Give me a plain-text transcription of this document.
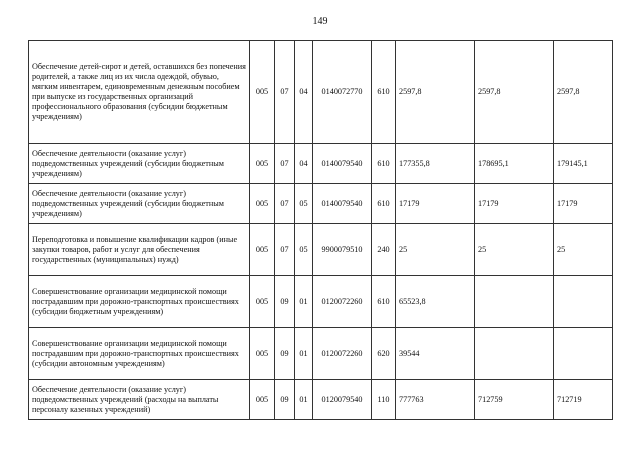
149
Обеспечение детей-сирот и детей, оставшихся без попечения родителей, а также лиц из их числа одеждой, обувью, мягким инвентарем, единовременным денежным пособием при выпуске из государственных организаций профессионального образования (субсидии бюджетным учреждениям)	005	07	04	0140072770	610	2597,8	2597,8	2597,8
Обеспечение деятельности (оказание услуг) подведомственных учреждений (субсидии бюджетным учреждениям)	005	07	04	0140079540	610	177355,8	178695,1	179145,1
Обеспечение деятельности (оказание услуг) подведомственных учреждений (субсидии бюджетным учреждениям)	005	07	05	0140079540	610	17179	17179	17179
Переподготовка и повышение квалификации кадров (иные закупки товаров, работ и услуг для обеспечения государственных (муниципальных) нужд)	005	07	05	9900079510	240	25	25	25
Совершенствование организации медицинской помощи пострадавшим при дорожно-транспортных происшествиях (субсидии бюджетным учреждениям)	005	09	01	0120072260	610	65523,8		
Совершенствование организации медицинской помощи пострадавшим при дорожно-транспортных происшествиях (субсидии автономным учреждениям)	005	09	01	0120072260	620	39544		
Обеспечение деятельности (оказание услуг) подведомственных учреждений (расходы на выплаты персоналу казенных учреждений)	005	09	01	0120079540	110	777763	712759	712719
